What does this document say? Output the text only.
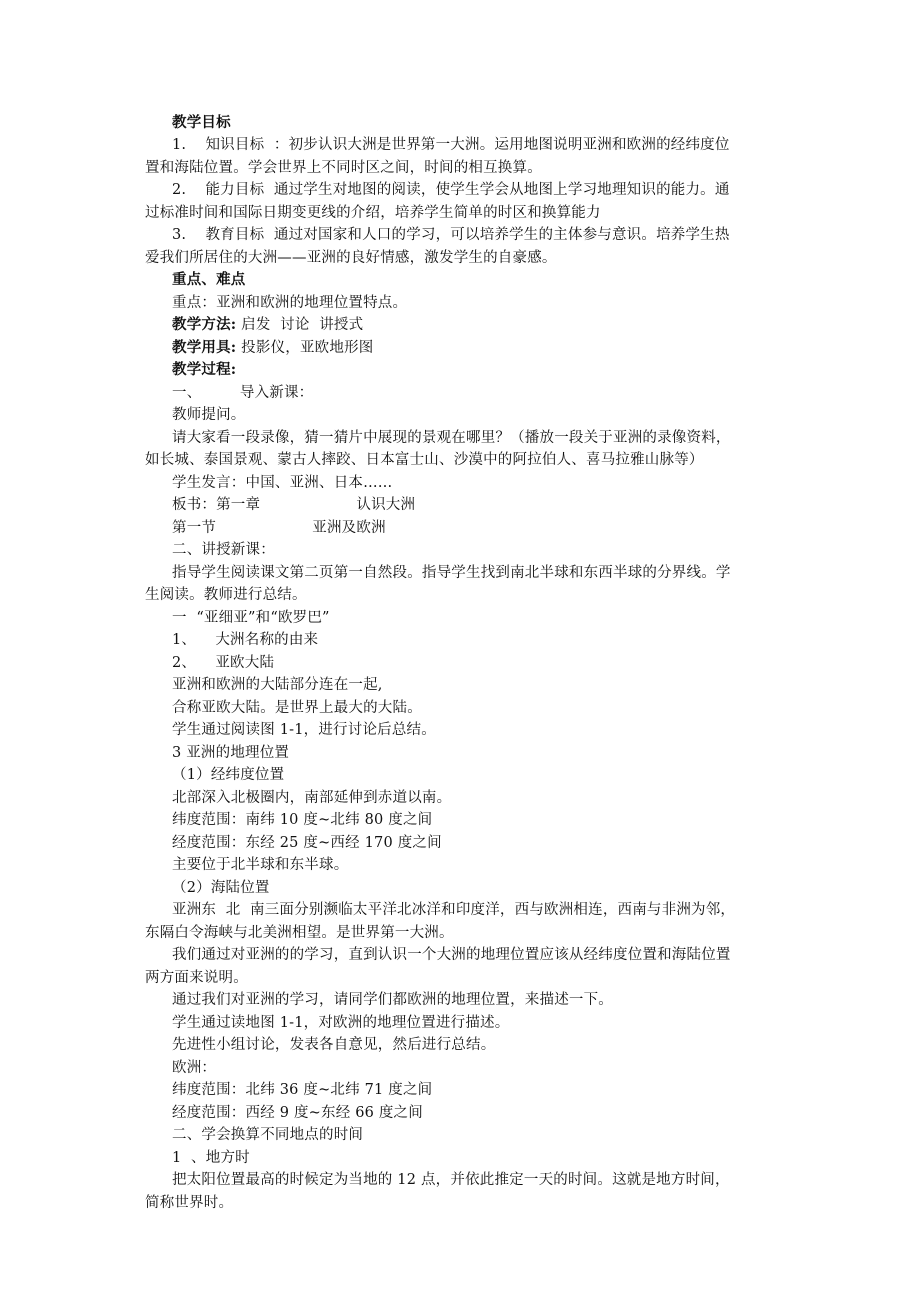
教学目标
1.    知识目标  ：初步认识大洲是世界第一大洲。运用地图说明亚洲和欧洲的经纬度位
置和海陆位置。学会世界上不同时区之间，时间的相互换算。
2.    能力目标  通过学生对地图的阅读，使学生学会从地图上学习地理知识的能力。通
过标准时间和国际日期变更线的介绍，培养学生简单的时区和换算能力
3.    教育目标  通过对国家和人口的学习，可以培养学生的主体参与意识。培养学生热
爱我们所居住的大洲——亚洲的良好情感，激发学生的自豪感。
重点、难点
重点：亚洲和欧洲的地理位置特点。
教学方法: 启发  讨论  讲授式
教学用具: 投影仪，亚欧地形图
教学过程:
一、        导入新课：
教师提问。
请大家看一段录像，猜一猜片中展现的景观在哪里？（播放一段关于亚洲的录像资料，
如长城、泰国景观、蒙古人摔跤、日本富士山、沙漠中的阿拉伯人、喜马拉雅山脉等）
学生发言：中国、亚洲、日本……
板书：第一章                    认识大洲
第一节                    亚洲及欧洲
二、讲授新课：
指导学生阅读课文第二页第一自然段。指导学生找到南北半球和东西半球的分界线。学
生阅读。教师进行总结。
一  “亚细亚”和“欧罗巴”
1、    大洲名称的由来
2、    亚欧大陆
亚洲和欧洲的大陆部分连在一起,
合称亚欧大陆。是世界上最大的大陆。
学生通过阅读图 1-1，进行讨论后总结。
3 亚洲的地理位置
（1）经纬度位置
北部深入北极圈内，南部延伸到赤道以南。
纬度范围：南纬 10 度~北纬 80 度之间
经度范围：东经 25 度~西经 170 度之间
主要位于北半球和东半球。
（2）海陆位置
亚洲东  北  南三面分别濒临太平洋北冰洋和印度洋，西与欧洲相连，西南与非洲为邻，
东隔白令海峡与北美洲相望。是世界第一大洲。
我们通过对亚洲的的学习，直到认识一个大洲的地理位置应该从经纬度位置和海陆位置
两方面来说明。
通过我们对亚洲的学习，请同学们都欧洲的地理位置，来描述一下。
学生通过读地图 1-1，对欧洲的地理位置进行描述。
先进性小组讨论，发表各自意见，然后进行总结。
欧洲：
纬度范围：北纬 36 度~北纬 71 度之间
经度范围：西经 9 度~东经 66 度之间
二、学会换算不同地点的时间
1  、地方时
把太阳位置最高的时候定为当地的 12 点，并依此推定一天的时间。这就是地方时间，
简称世界时。
